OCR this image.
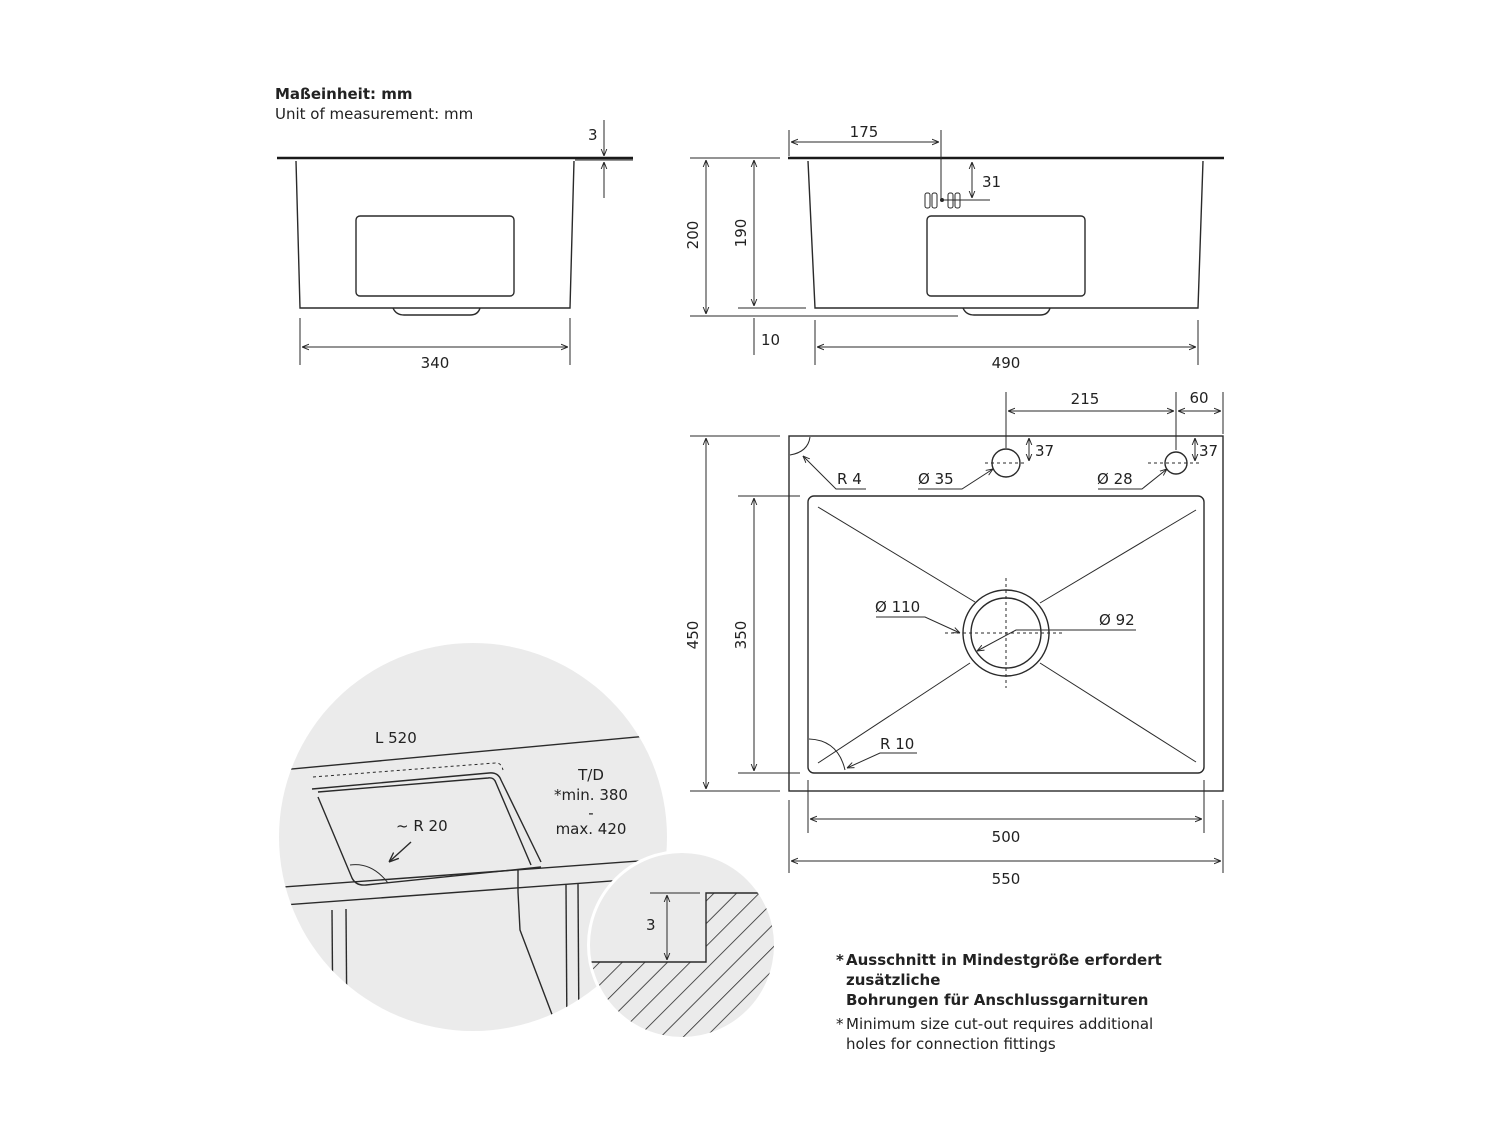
Maßeinheit: mm
Unit of measurement: mm
3
340
175
31
200 190
10
490
215	60
37	37
R 4	Ø 35	Ø 28
Ø 110
Ø 92
R 10
450 350
500
550
L 520
~ R 20
T/D
*min. 380
-
max. 420
3
* Ausschnitt in Mindestgröße erfordert zusätzliche
Bohrungen für Anschlussgarnituren
* Minimum size cut-out requires additional
holes for connection fittings
